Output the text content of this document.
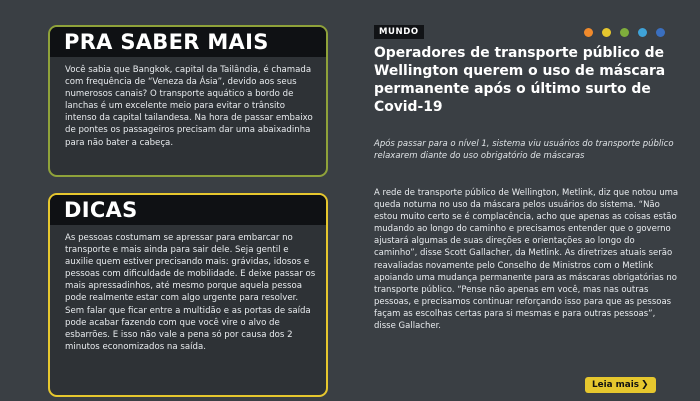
PRA SABER MAIS
Você sabia que Bangkok, capital da Tailândia, é chamada com frequência de “Veneza da Ásia”, devido aos seus numerosos canais? O transporte aquático a bordo de lanchas é um excelente meio para evitar o trânsito intenso da capital tailandesa. Na hora de passar embaixo de pontes os passageiros precisam dar uma abaixadinha para não bater a cabeça.
DICAS
As pessoas costumam se apressar para embarcar no transporte e mais ainda para sair dele. Seja gentil e auxilie quem estiver precisando mais: grávidas, idosos e pessoas com dificuldade de mobilidade. E deixe passar os mais apressadinhos, até mesmo porque aquela pessoa pode realmente estar com algo urgente para resolver. Sem falar que ficar entre a multidão e as portas de saída pode acabar fazendo com que você vire o alvo de esbarrões. E isso não vale a pena só por causa dos 2 minutos economizados na saída.
MUNDO
Operadores de transporte público de Wellington querem o uso de máscara permanente após o último surto de Covid-19
Após passar para o nível 1, sistema viu usuários do transporte público relaxarem diante do uso obrigatório de máscaras
A rede de transporte público de Wellington, Metlink, diz que notou uma queda noturna no uso da máscara pelos usuários do sistema. “Não estou muito certo se é complacência, acho que apenas as coisas estão mudando ao longo do caminho e precisamos entender que o governo ajustará algumas de suas direções e orientações ao longo do caminho”, disse Scott Gallacher, da Metlink. As diretrizes atuais serão reavaliadas novamente pelo Conselho de Ministros com o Metlink apoiando uma mudança permanente para as máscaras obrigatórias no transporte público. “Pense não apenas em você, mas nas outras pessoas, e precisamos continuar reforçando isso para que as pessoas façam as escolhas certas para si mesmas e para outras pessoas”, disse Gallacher.
Leia mais ❯
